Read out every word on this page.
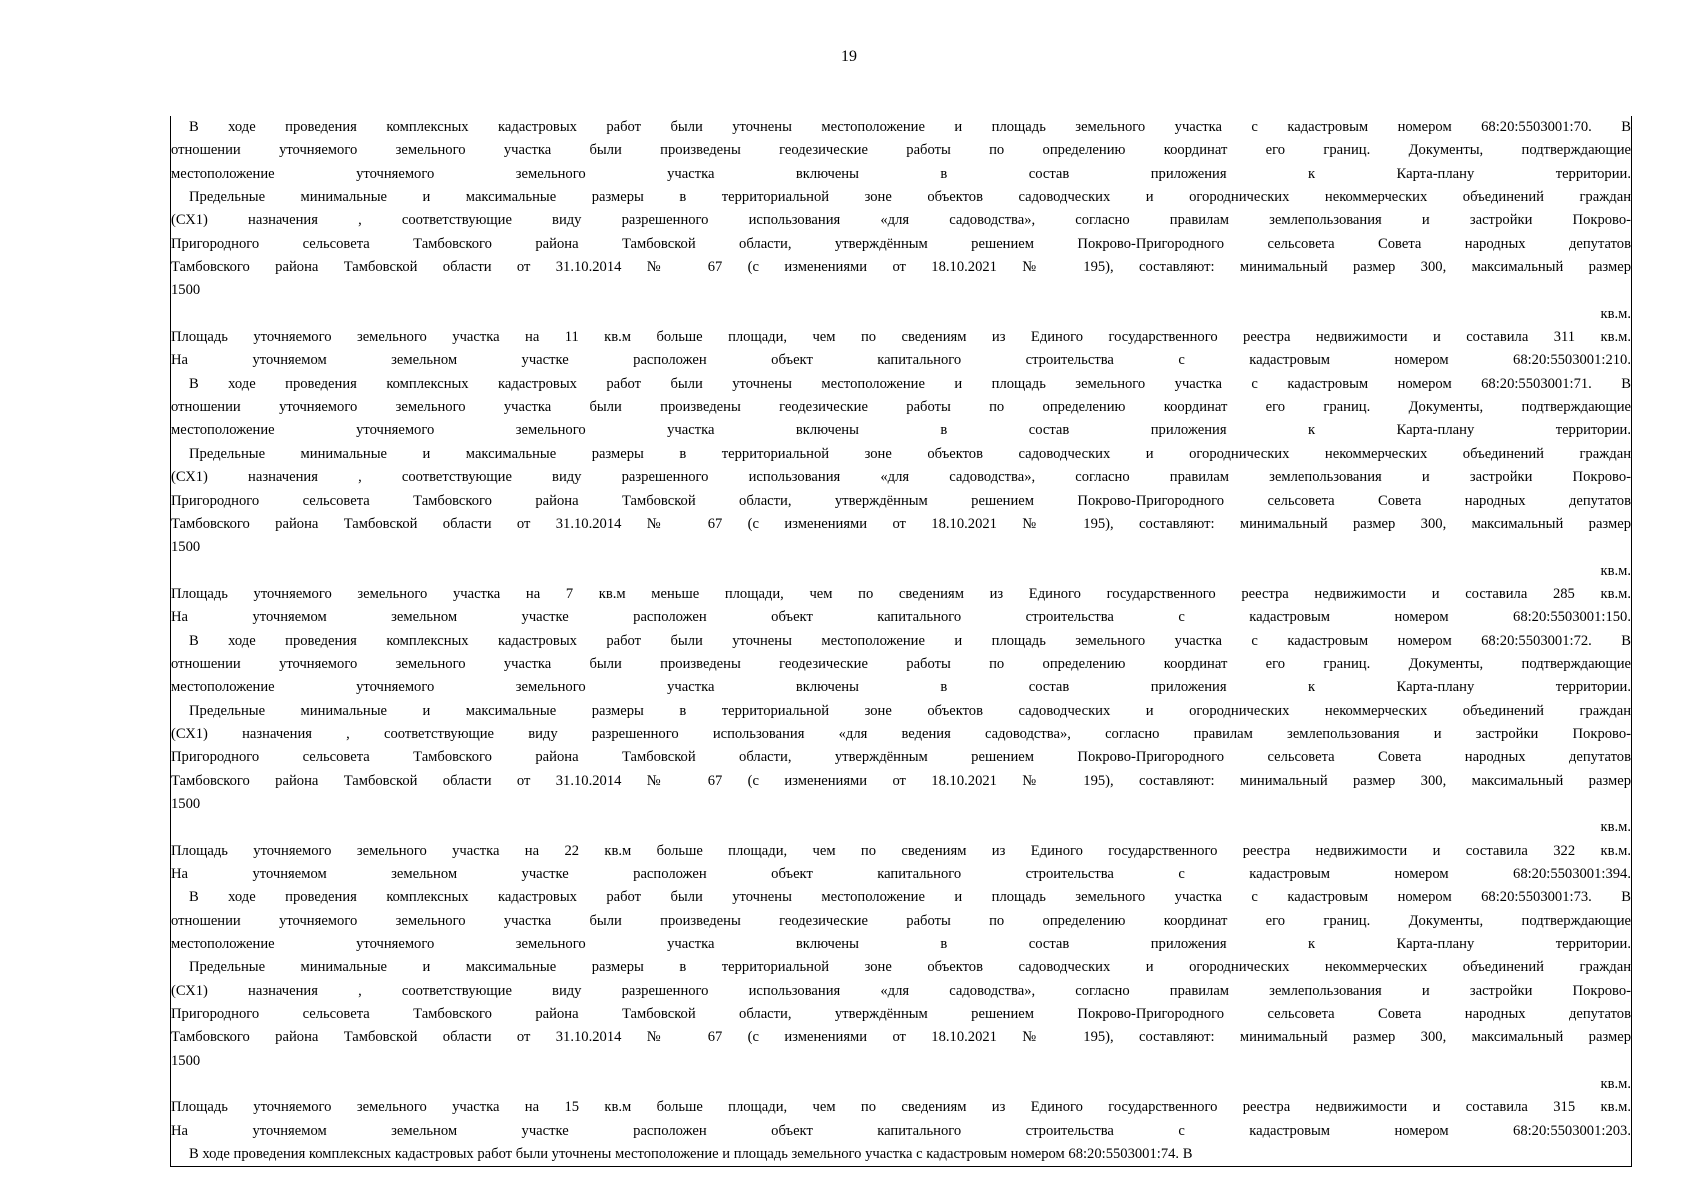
19
В ходе проведения комплексных кадастровых работ были уточнены местоположение и площадь земельного участка с кадастровым номером 68:20:5503001:70. В
отношении уточняемого земельного участка были произведены геодезические работы по определению координат его границ. Документы, подтверждающие
местоположение уточняемого земельного участка включены в состав приложения к Карта-плану территории.
Предельные минимальные и максимальные размеры в территориальной зоне объектов садоводческих и огороднических некоммерческих объединений граждан
(СХ1) назначения , соответствующие виду разрешенного использования «для садоводства», согласно правилам землепользования и застройки Покрово-
Пригородного сельсовета Тамбовского района Тамбовской области, утверждённым решением Покрово-Пригородного сельсовета Совета народных депутатов
Тамбовского района Тамбовской области от 31.10.2014 № 67 (с изменениями от 18.10.2021 № 195), составляют: минимальный размер 300, максимальный размер
1500
кв.м.
Площадь уточняемого земельного участка на 11 кв.м больше площади, чем по сведениям из Единого государственного реестра недвижимости и составила 311 кв.м.
На уточняемом земельном участке расположен объект капитального строительства с кадастровым номером 68:20:5503001:210.
В ходе проведения комплексных кадастровых работ были уточнены местоположение и площадь земельного участка с кадастровым номером 68:20:5503001:71. В
отношении уточняемого земельного участка были произведены геодезические работы по определению координат его границ. Документы, подтверждающие
местоположение уточняемого земельного участка включены в состав приложения к Карта-плану территории.
Предельные минимальные и максимальные размеры в территориальной зоне объектов садоводческих и огороднических некоммерческих объединений граждан
(СХ1) назначения , соответствующие виду разрешенного использования «для садоводства», согласно правилам землепользования и застройки Покрово-
Пригородного сельсовета Тамбовского района Тамбовской области, утверждённым решением Покрово-Пригородного сельсовета Совета народных депутатов
Тамбовского района Тамбовской области от 31.10.2014 № 67 (с изменениями от 18.10.2021 № 195), составляют: минимальный размер 300, максимальный размер
1500
кв.м.
Площадь уточняемого земельного участка на 7 кв.м меньше площади, чем по сведениям из Единого государственного реестра недвижимости и составила 285 кв.м.
На уточняемом земельном участке расположен объект капитального строительства с кадастровым номером 68:20:5503001:150.
В ходе проведения комплексных кадастровых работ были уточнены местоположение и площадь земельного участка с кадастровым номером 68:20:5503001:72. В
отношении уточняемого земельного участка были произведены геодезические работы по определению координат его границ. Документы, подтверждающие
местоположение уточняемого земельного участка включены в состав приложения к Карта-плану территории.
Предельные минимальные и максимальные размеры в территориальной зоне объектов садоводческих и огороднических некоммерческих объединений граждан
(СХ1) назначения , соответствующие виду разрешенного использования «для ведения садоводства», согласно правилам землепользования и застройки Покрово-
Пригородного сельсовета Тамбовского района Тамбовской области, утверждённым решением Покрово-Пригородного сельсовета Совета народных депутатов
Тамбовского района Тамбовской области от 31.10.2014 № 67 (с изменениями от 18.10.2021 № 195), составляют: минимальный размер 300, максимальный размер
1500
кв.м.
Площадь уточняемого земельного участка на 22 кв.м больше площади, чем по сведениям из Единого государственного реестра недвижимости и составила 322 кв.м.
На уточняемом земельном участке расположен объект капитального строительства с кадастровым номером 68:20:5503001:394.
В ходе проведения комплексных кадастровых работ были уточнены местоположение и площадь земельного участка с кадастровым номером 68:20:5503001:73. В
отношении уточняемого земельного участка были произведены геодезические работы по определению координат его границ. Документы, подтверждающие
местоположение уточняемого земельного участка включены в состав приложения к Карта-плану территории.
Предельные минимальные и максимальные размеры в территориальной зоне объектов садоводческих и огороднических некоммерческих объединений граждан
(СХ1) назначения , соответствующие виду разрешенного использования «для садоводства», согласно правилам землепользования и застройки Покрово-
Пригородного сельсовета Тамбовского района Тамбовской области, утверждённым решением Покрово-Пригородного сельсовета Совета народных депутатов
Тамбовского района Тамбовской области от 31.10.2014 № 67 (с изменениями от 18.10.2021 № 195), составляют: минимальный размер 300, максимальный размер
1500
кв.м.
Площадь уточняемого земельного участка на 15 кв.м больше площади, чем по сведениям из Единого государственного реестра недвижимости и составила 315 кв.м.
На уточняемом земельном участке расположен объект капитального строительства с кадастровым номером 68:20:5503001:203.
В ходе проведения комплексных кадастровых работ были уточнены местоположение и площадь земельного участка с кадастровым номером 68:20:5503001:74. В
